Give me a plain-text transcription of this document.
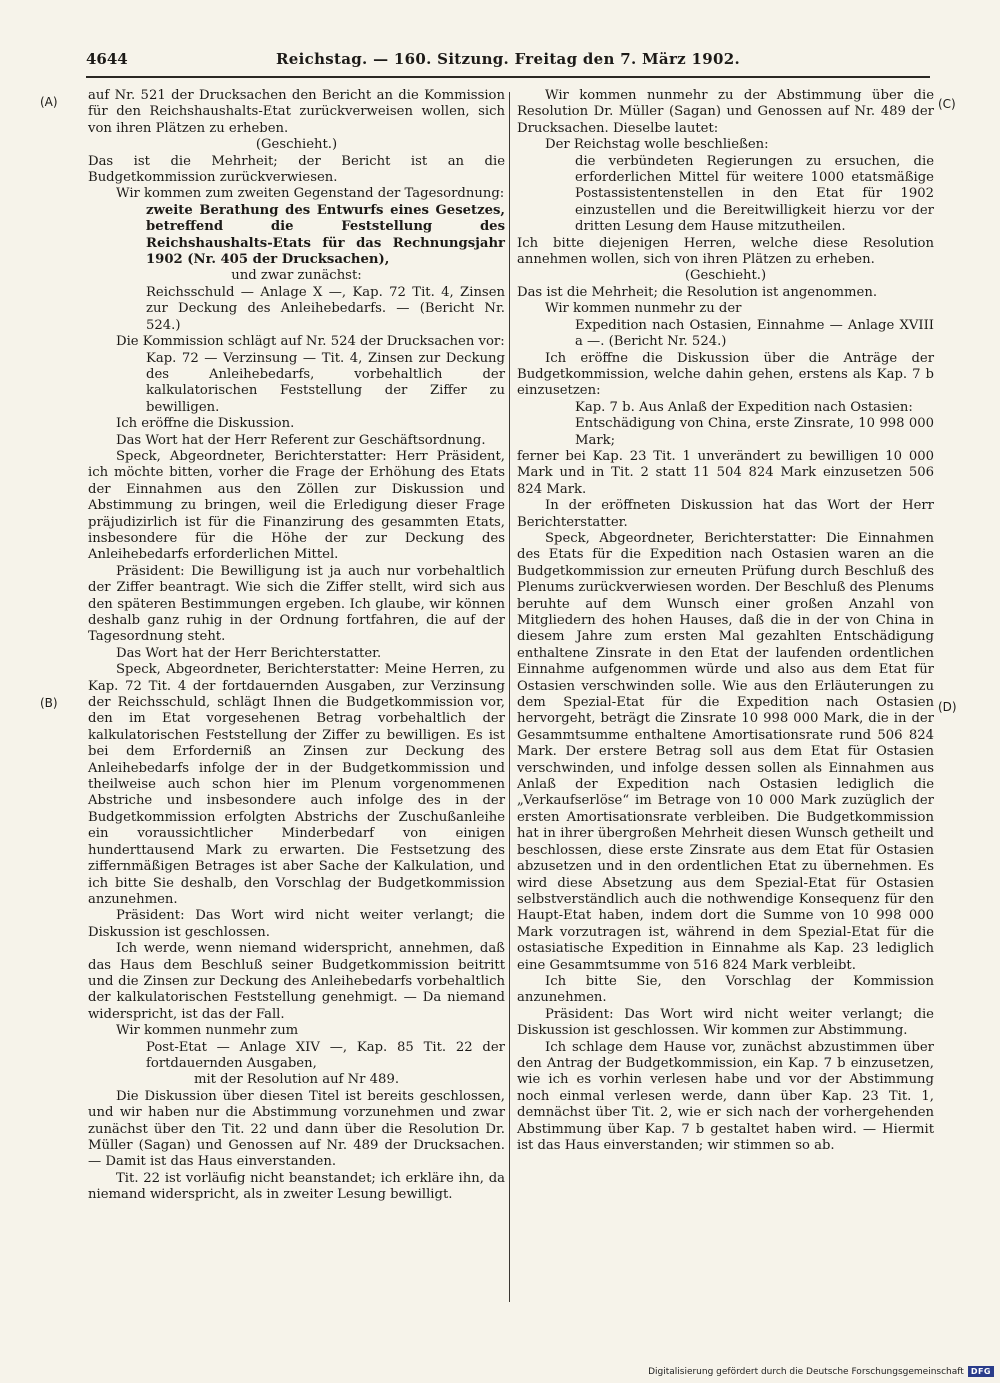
4644	Reichstag. — 160. Sitzung. Freitag den 7. März 1902.
(A)
(B)
(C)
(D)

auf Nr. 521 der Drucksachen den Bericht an die Kommission für den Reichshaushalts-Etat zurückverweisen wollen, sich von ihren Plätzen zu erheben.

(Geschieht.)

Das ist die Mehrheit; der Bericht ist an die Budgetkommission zurückverwiesen.

Wir kommen zum zweiten Gegenstand der Tagesordnung:

zweite Berathung des Entwurfs eines Gesetzes, betreffend die Feststellung des Reichshaushalts-Etats für das Rechnungsjahr 1902 (Nr. 405 der Drucksachen),

und zwar zunächst:

Reichsschuld — Anlage X —, Kap. 72 Tit. 4, Zinsen zur Deckung des Anleihebedarfs. — (Bericht Nr. 524.)

Die Kommission schlägt auf Nr. 524 der Drucksachen vor:

Kap. 72 — Verzinsung — Tit. 4, Zinsen zur Deckung des Anleihebedarfs, vorbehaltlich der kalkulatorischen Feststellung der Ziffer zu bewilligen.

Ich eröffne die Diskussion.

Das Wort hat der Herr Referent zur Geschäftsordnung.

Speck, Abgeordneter, Berichterstatter: Herr Präsident, ich möchte bitten, vorher die Frage der Erhöhung des Etats der Einnahmen aus den Zöllen zur Diskussion und Abstimmung zu bringen, weil die Erledigung dieser Frage präjudizirlich ist für die Finanzirung des gesammten Etats, insbesondere für die Höhe der zur Deckung des Anleihebedarfs erforderlichen Mittel.

Präsident: Die Bewilligung ist ja auch nur vorbehaltlich der Ziffer beantragt. Wie sich die Ziffer stellt, wird sich aus den späteren Bestimmungen ergeben. Ich glaube, wir können deshalb ganz ruhig in der Ordnung fortfahren, die auf der Tagesordnung steht.

Das Wort hat der Herr Berichterstatter.

Speck, Abgeordneter, Berichterstatter: Meine Herren, zu Kap. 72 Tit. 4 der fortdauernden Ausgaben, zur Verzinsung der Reichsschuld, schlägt Ihnen die Budgetkommission vor, den im Etat vorgesehenen Betrag vorbehaltlich der kalkulatorischen Feststellung der Ziffer zu bewilligen. Es ist bei dem Erforderniß an Zinsen zur Deckung des Anleihebedarfs infolge der in der Budgetkommission und theilweise auch schon hier im Plenum vorgenommenen Abstriche und insbesondere auch infolge des in der Budgetkommission erfolgten Abstrichs der Zuschußanleihe ein voraussichtlicher Minderbedarf von einigen hunderttausend Mark zu erwarten. Die Festsetzung des ziffernmäßigen Betrages ist aber Sache der Kalkulation, und ich bitte Sie deshalb, den Vorschlag der Budgetkommission anzunehmen.

Präsident: Das Wort wird nicht weiter verlangt; die Diskussion ist geschlossen.

Ich werde, wenn niemand widerspricht, annehmen, daß das Haus dem Beschluß seiner Budgetkommission beitritt und die Zinsen zur Deckung des Anleihebedarfs vorbehaltlich der kalkulatorischen Feststellung genehmigt. — Da niemand widerspricht, ist das der Fall.

Wir kommen nunmehr zum

Post-Etat — Anlage XIV —, Kap. 85 Tit. 22 der fortdauernden Ausgaben,

mit der Resolution auf Nr 489.

Die Diskussion über diesen Titel ist bereits geschlossen, und wir haben nur die Abstimmung vorzunehmen und zwar zunächst über den Tit. 22 und dann über die Resolution Dr. Müller (Sagan) und Genossen auf Nr. 489 der Drucksachen. — Damit ist das Haus einverstanden.

Tit. 22 ist vorläufig nicht beanstandet; ich erkläre ihn, da niemand widerspricht, als in zweiter Lesung bewilligt.

Wir kommen nunmehr zu der Abstimmung über die Resolution Dr. Müller (Sagan) und Genossen auf Nr. 489 der Drucksachen. Dieselbe lautet:

Der Reichstag wolle beschließen:

die verbündeten Regierungen zu ersuchen, die erforderlichen Mittel für weitere 1000 etatsmäßige Postassistentenstellen in den Etat für 1902 einzustellen und die Bereitwilligkeit hierzu vor der dritten Lesung dem Hause mitzutheilen.

Ich bitte diejenigen Herren, welche diese Resolution annehmen wollen, sich von ihren Plätzen zu erheben.

(Geschieht.)

Das ist die Mehrheit; die Resolution ist angenommen.

Wir kommen nunmehr zu der

Expedition nach Ostasien, Einnahme — Anlage XVIII a —. (Bericht Nr. 524.)

Ich eröffne die Diskussion über die Anträge der Budgetkommission, welche dahin gehen, erstens als Kap. 7 b einzusetzen:

Kap. 7 b. Aus Anlaß der Expedition nach Ostasien:

Entschädigung von China, erste Zinsrate, 10 998 000 Mark;

ferner bei Kap. 23 Tit. 1 unverändert zu bewilligen 10 000 Mark und in Tit. 2 statt 11 504 824 Mark einzusetzen 506 824 Mark.

In der eröffneten Diskussion hat das Wort der Herr Berichterstatter.

Speck, Abgeordneter, Berichterstatter: Die Einnahmen des Etats für die Expedition nach Ostasien waren an die Budgetkommission zur erneuten Prüfung durch Beschluß des Plenums zurückverwiesen worden. Der Beschluß des Plenums beruhte auf dem Wunsch einer großen Anzahl von Mitgliedern des hohen Hauses, daß die in der von China in diesem Jahre zum ersten Mal gezahlten Entschädigung enthaltene Zinsrate in den Etat der laufenden ordentlichen Einnahme aufgenommen würde und also aus dem Etat für Ostasien verschwinden solle. Wie aus den Erläuterungen zu dem Spezial-Etat für die Expedition nach Ostasien hervorgeht, beträgt die Zinsrate 10 998 000 Mark, die in der Gesammtsumme enthaltene Amortisationsrate rund 506 824 Mark. Der erstere Betrag soll aus dem Etat für Ostasien verschwinden, und infolge dessen sollen als Einnahmen aus Anlaß der Expedition nach Ostasien lediglich die „Verkaufserlöse“ im Betrage von 10 000 Mark zuzüglich der ersten Amortisationsrate verbleiben. Die Budgetkommission hat in ihrer übergroßen Mehrheit diesen Wunsch getheilt und beschlossen, diese erste Zinsrate aus dem Etat für Ostasien abzusetzen und in den ordentlichen Etat zu übernehmen. Es wird diese Absetzung aus dem Spezial-Etat für Ostasien selbstverständlich auch die nothwendige Konsequenz für den Haupt-Etat haben, indem dort die Summe von 10 998 000 Mark vorzutragen ist, während in dem Spezial-Etat für die ostasiatische Expedition in Einnahme als Kap. 23 lediglich eine Gesammtsumme von 516 824 Mark verbleibt.

Ich bitte Sie, den Vorschlag der Kommission anzunehmen.

Präsident: Das Wort wird nicht weiter verlangt; die Diskussion ist geschlossen. Wir kommen zur Abstimmung.

Ich schlage dem Hause vor, zunächst abzustimmen über den Antrag der Budgetkommission, ein Kap. 7 b einzusetzen, wie ich es vorhin verlesen habe und vor der Abstimmung noch einmal verlesen werde, dann über Kap. 23 Tit. 1, demnächst über Tit. 2, wie er sich nach der vorhergehenden Abstimmung über Kap. 7 b gestaltet haben wird. — Hiermit ist das Haus einverstanden; wir stimmen so ab.

Digitalisierung gefördert durch die Deutsche Forschungsgemeinschaft DFG
